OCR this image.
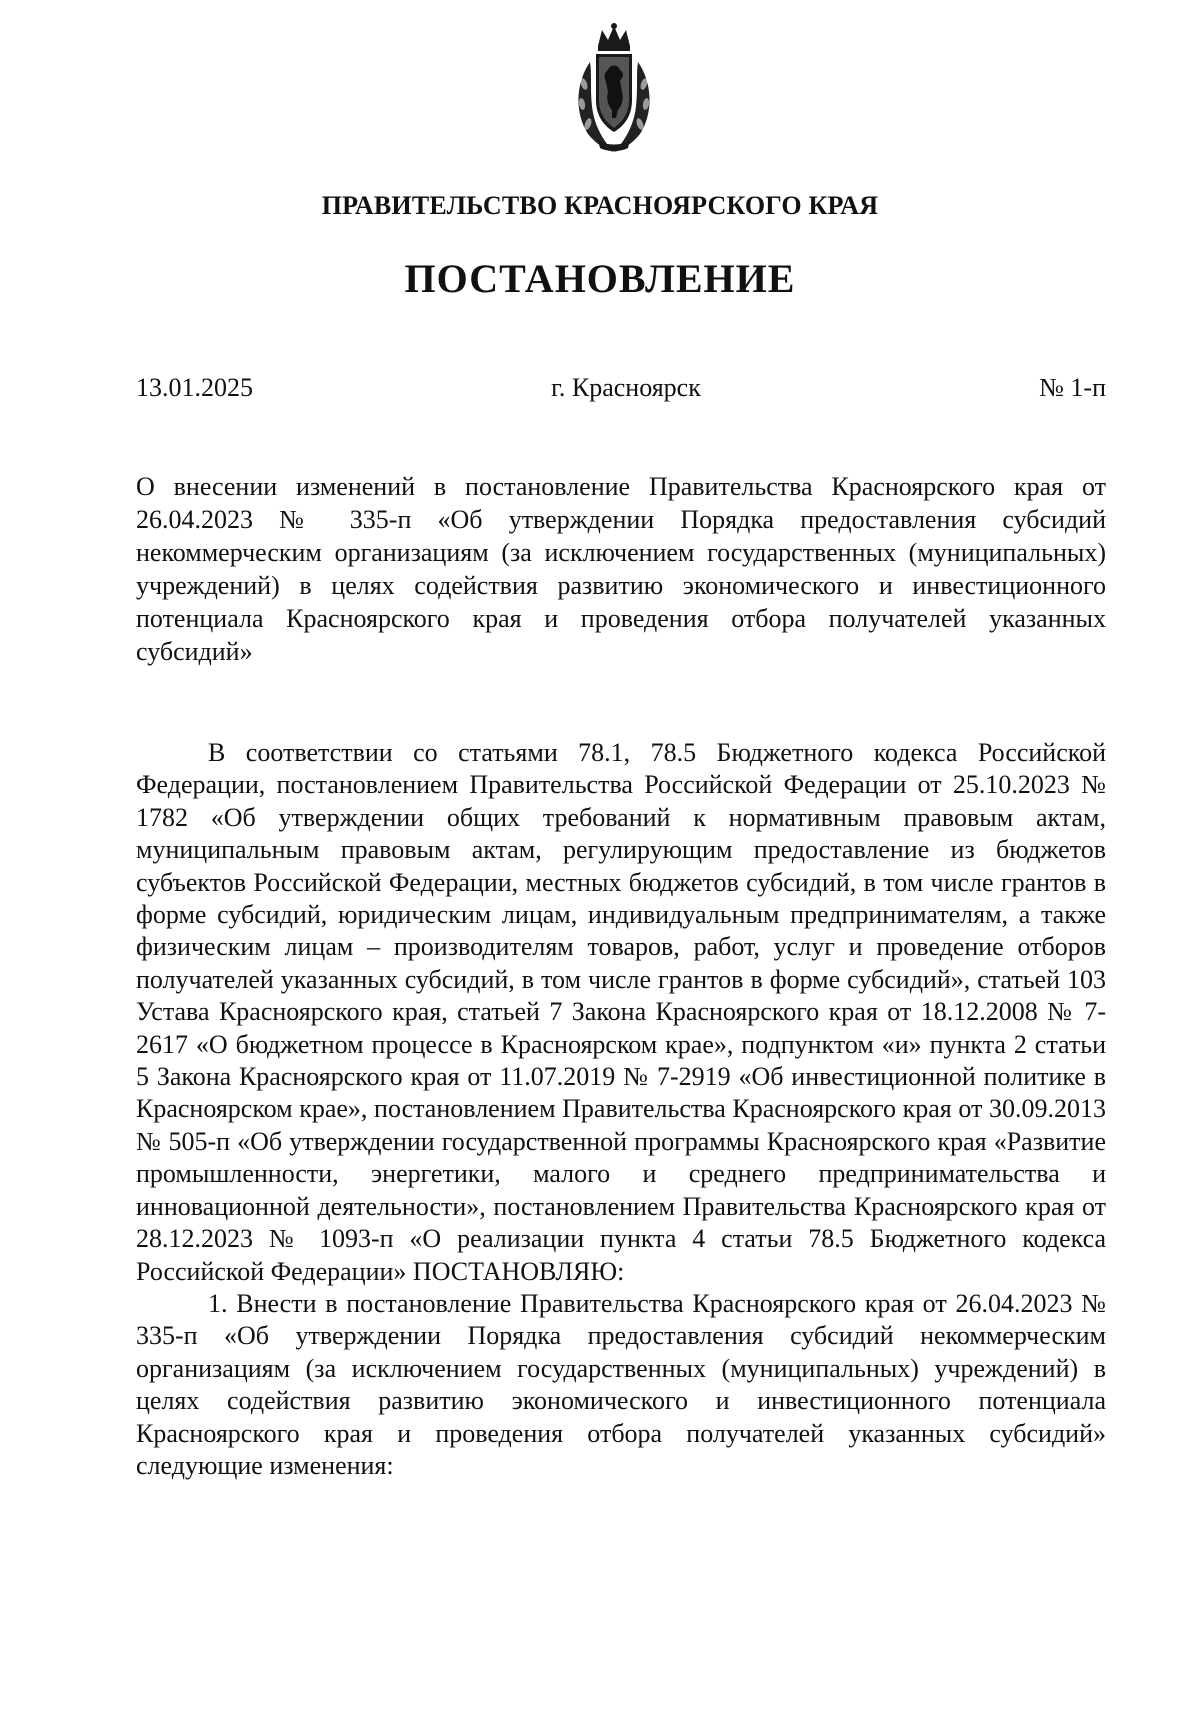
ПРАВИТЕЛЬСТВО КРАСНОЯРСКОГО КРАЯ
ПОСТАНОВЛЕНИЕ
13.01.2025	г. Красноярск	№ 1-п
О внесении изменений в постановление Правительства Красноярского края от 26.04.2023 № 335-п «Об утверждении Порядка предоставления субсидий некоммерческим организациям (за исключением государственных (муниципальных) учреждений) в целях содействия развитию экономического и инвестиционного потенциала Красноярского края и проведения отбора получателей указанных субсидий»

В соответствии со статьями 78.1, 78.5 Бюджетного кодекса Российской Федерации, постановлением Правительства Российской Федерации от 25.10.2023 № 1782 «Об утверждении общих требований к нормативным правовым актам, муниципальным правовым актам, регулирующим предоставление из бюджетов субъектов Российской Федерации, местных бюджетов субсидий, в том числе грантов в форме субсидий, юридическим лицам, индивидуальным предпринимателям, а также физическим лицам – производителям товаров, работ, услуг и проведение отборов получателей указанных субсидий, в том числе грантов в форме субсидий», статьей 103 Устава Красноярского края, статьей 7 Закона Красноярского края от 18.12.2008 № 7-2617 «О бюджетном процессе в Красноярском крае», подпунктом «и» пункта 2 статьи 5 Закона Красноярского края от 11.07.2019 № 7-2919 «Об инвестиционной политике в Красноярском крае», постановлением Правительства Красноярского края от 30.09.2013 № 505-п «Об утверждении государственной программы Красноярского края «Развитие промышленности, энергетики, малого и среднего предпринимательства и инновационной деятельности», постановлением Правительства Красноярского края от 28.12.2023 № 1093-п «О реализации пункта 4 статьи 78.5 Бюджетного кодекса Российской Федерации» ПОСТАНОВЛЯЮ:

1. Внести в постановление Правительства Красноярского края от 26.04.2023 № 335-п «Об утверждении Порядка предоставления субсидий некоммерческим организациям (за исключением государственных (муниципальных) учреждений) в целях содействия развитию экономического и инвестиционного потенциала Красноярского края и проведения отбора получателей указанных субсидий» следующие изменения:
